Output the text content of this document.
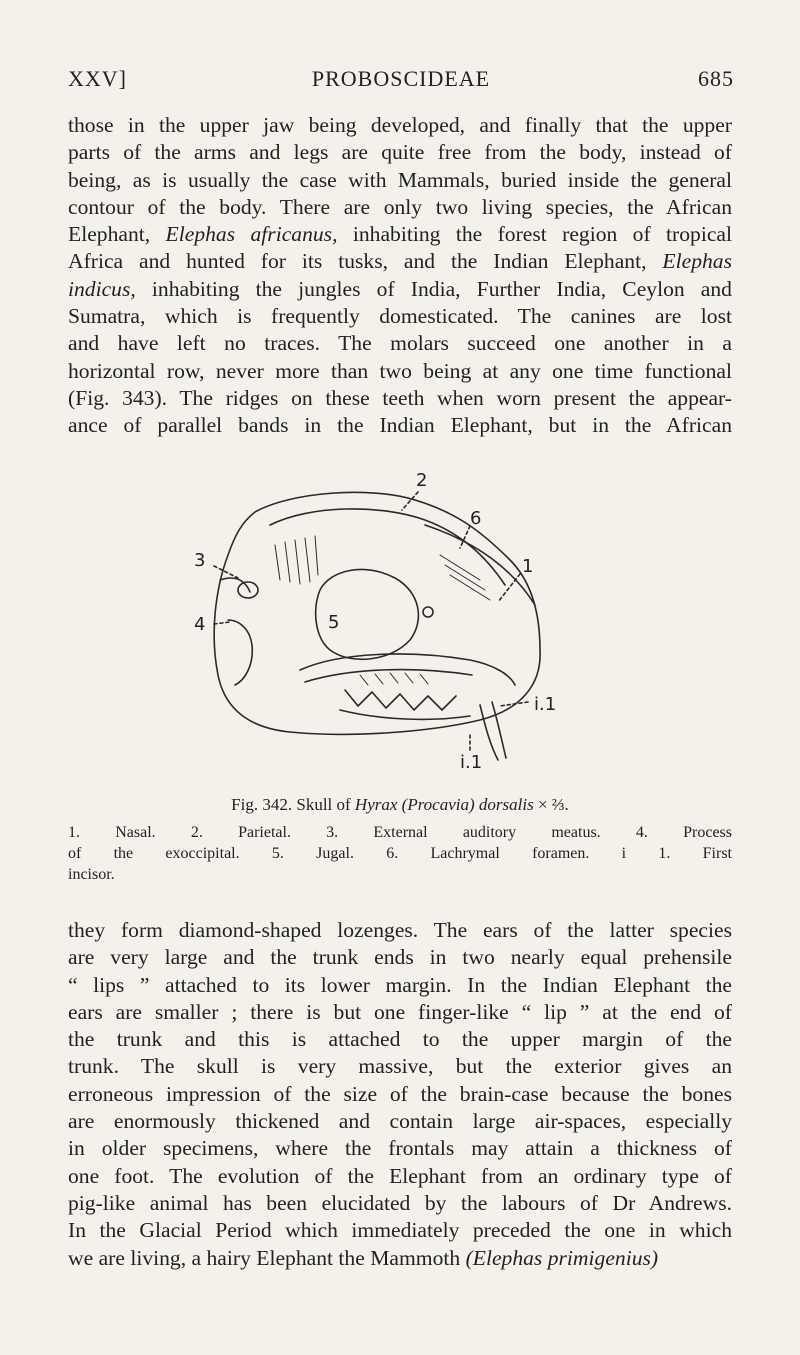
XXV]	PROBOSCIDEAE	685
those in the upper jaw being developed, and finally that the upper
parts of the arms and legs are quite free from the body, instead of
being, as is usually the case with Mammals, buried inside the general
contour of the body. There are only two living species, the African
Elephant, Elephas africanus, inhabiting the forest region of tropical
Africa and hunted for its tusks, and the Indian Elephant, Elephas
indicus, inhabiting the jungles of India, Further India, Ceylon and
Sumatra, which is frequently domesticated. The canines are lost
and have left no traces. The molars succeed one another in a
horizontal row, never more than two being at any one time functional
(Fig. 343). The ridges on these teeth when worn present the appear-
ance of parallel bands in the Indian Elephant, but in the African
2
3
4	5
6
1
i.1
i.1
Fig. 342. Skull of Hyrax (Procavia) dorsalis × ⅔.
1. Nasal. 2. Parietal. 3. External auditory meatus. 4. Process
of the exoccipital. 5. Jugal. 6. Lachrymal foramen. i 1. First
incisor.
they form diamond-shaped lozenges. The ears of the latter species
are very large and the trunk ends in two nearly equal prehensile
“ lips ” attached to its lower margin. In the Indian Elephant the
ears are smaller ; there is but one finger-like “ lip ” at the end of
the trunk and this is attached to the upper margin of the
trunk. The skull is very massive, but the exterior gives an
erroneous impression of the size of the brain-case because the bones
are enormously thickened and contain large air-spaces, especially
in older specimens, where the frontals may attain a thickness of
one foot. The evolution of the Elephant from an ordinary type of
pig-like animal has been elucidated by the labours of Dr Andrews.
In the Glacial Period which immediately preceded the one in which
we are living, a hairy Elephant the Mammoth (Elephas primigenius)
